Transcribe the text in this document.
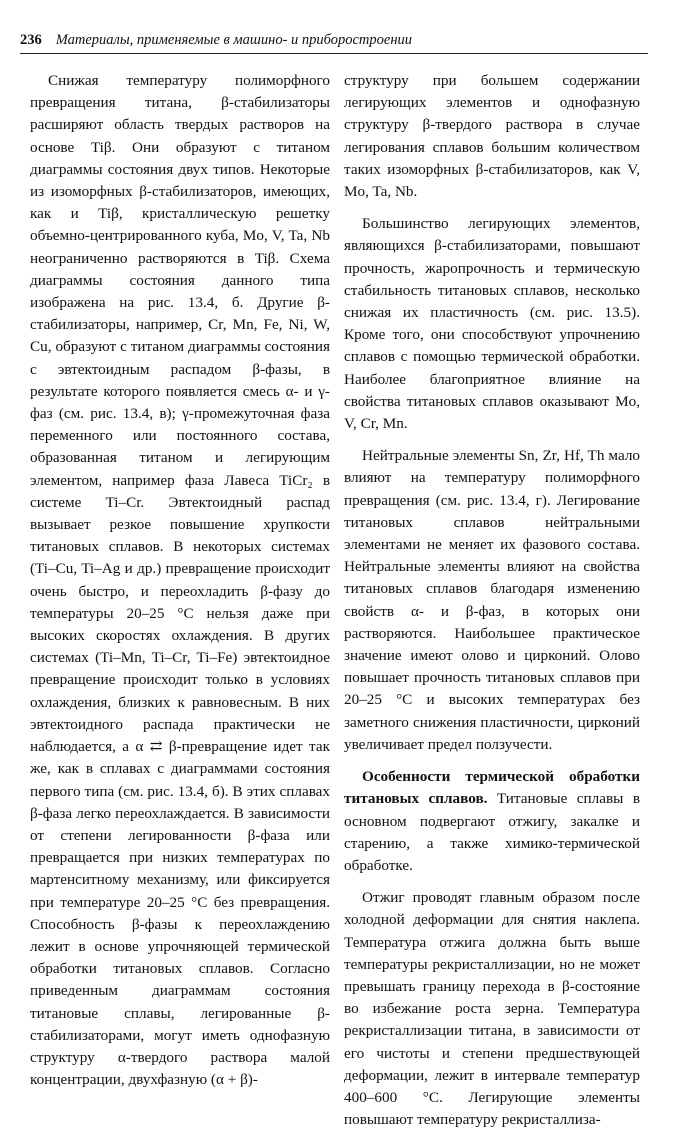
236 Материалы, применяемые в машино- и приборостроении

Снижая температуру полиморфного превращения титана, β-стабилизаторы расширяют область твердых растворов на основе Tiβ. Они образуют с титаном диаграммы состояния двух типов. Некоторые из изоморфных β-стабилизаторов, имеющих, как и Tiβ, кристаллическую решетку объемно-центрированного куба, Mo, V, Ta, Nb неограниченно растворяются в Tiβ. Схема диаграммы состояния данного типа изображена на рис. 13.4, б. Другие β-стабилизаторы, например, Cr, Mn, Fe, Ni, W, Cu, образуют с титаном диаграммы состояния с эвтектоидным распадом β-фазы, в результате которого появляется смесь α- и γ-фаз (см. рис. 13.4, в); γ-промежуточная фаза переменного или постоянного состава, образованная титаном и легирующим элементом, например фаза Лавеса TiCr₂ в системе Ti–Cr. Эвтектоидный распад вызывает резкое повышение хрупкости титановых сплавов. В некоторых системах (Ti–Cu, Ti–Ag и др.) превращение происходит очень быстро, и переохладить β-фазу до температуры 20–25 °C нельзя даже при высоких скоростях охлаждения. В других системах (Ti–Mn, Ti–Cr, Ti–Fe) эвтектоидное превращение происходит только в условиях охлаждения, близких к равновесным. В них эвтектоидного распада практически не наблюдается, а α ⇄ β-превращение идет так же, как в сплавах с диаграммами состояния первого типа (см. рис. 13.4, б). В этих сплавах β-фаза легко переохлаждается. В зависимости от степени легированности β-фаза или превращается при низких температурах по мартенситному механизму, или фиксируется при температуре 20–25 °C без превращения. Способность β-фазы к переохлаждению лежит в основе упрочняющей термической обработки титановых сплавов. Согласно приведенным диаграммам состояния титановые сплавы, легированные β-стабилизаторами, могут иметь однофазную структуру α-твердого раствора малой концентрации, двухфазную (α + β)-

структуру при большем содержании легирующих элементов и однофазную структуру β-твердого раствора в случае легирования сплавов большим количеством таких изоморфных β-стабилизаторов, как V, Mo, Ta, Nb.

Большинство легирующих элементов, являющихся β-стабилизаторами, повышают прочность, жаропрочность и термическую стабильность титановых сплавов, несколько снижая их пластичность (см. рис. 13.5). Кроме того, они способствуют упрочнению сплавов с помощью термической обработки. Наиболее благоприятное влияние на свойства титановых сплавов оказывают Mo, V, Cr, Mn.

Нейтральные элементы Sn, Zr, Hf, Th мало влияют на температуру полиморфного превращения (см. рис. 13.4, г). Легирование титановых сплавов нейтральными элементами не меняет их фазового состава. Нейтральные элементы влияют на свойства титановых сплавов благодаря изменению свойств α- и β-фаз, в которых они растворяются. Наибольшее практическое значение имеют олово и цирконий. Олово повышает прочность титановых сплавов при 20–25 °C и высоких температурах без заметного снижения пластичности, цирконий увеличивает предел ползучести.

Особенности термической обработки титановых сплавов. Титановые сплавы в основном подвергают отжигу, закалке и старению, а также химико-термической обработке.

Отжиг проводят главным образом после холодной деформации для снятия наклепа. Температура отжига должна быть выше температуры рекристаллизации, но не может превышать границу перехода в β-состояние во избежание роста зерна. Температура рекристаллизации титана, в зависимости от его чистоты и степени предшествующей деформации, лежит в интервале температур 400–600 °C. Легирующие элементы повышают температуру рекристаллиза-
